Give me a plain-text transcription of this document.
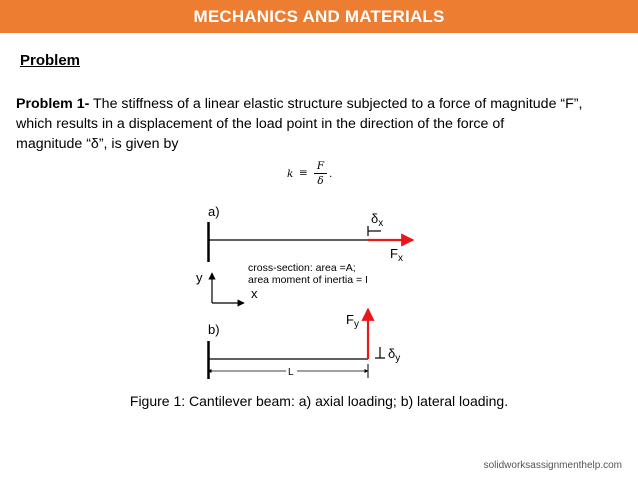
MECHANICS AND MATERIALS
Problem
Problem 1- The stiffness of a linear elastic structure subjected to a force of magnitude “F”,
which results in a displacement of the load point in the direction of the force of
magnitude “δ”, is given by
k ≡
F
δ
.
a)	$\delta_x$
$F_x$
y
x
cross-section: area =A;
area moment of inertia = I
b)
$F_y$
$\delta_y$
L
Figure 1: Cantilever beam: a) axial loading; b) lateral loading.
solidworksassignmenthelp.com
